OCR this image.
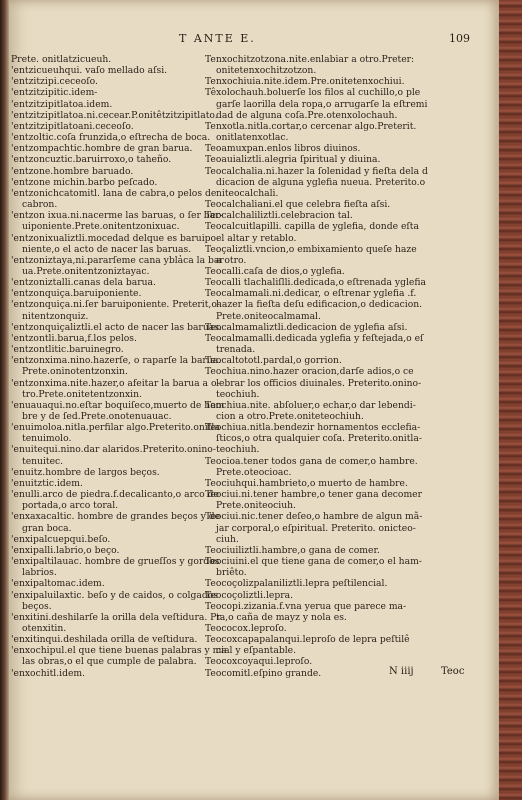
T ANTE E.	109
Prete. onitlatzicueuh.
'entzicueuhqui. vaſo mellado aſsi.
'entzitzipi.ceceoſo.
'entzitzipitic.idem-
'entzitzipitlatoa.idem.
'entzitzipitlatoa.ni.cecear.P.onitêtzitzipitlato.
'entzitzipitlatoani.ceceoſo.
'entzoltic.coſa frunzida,o eſtrecha de boca.
'entzompachtic.hombre de gran barua.
'entzoncuztic.baruirroxo,o taheño.
'entzone.hombre baruado.
'entzone michin.barbo peſcado.
'entzonichcatomitl. lana de cabra,o pelos de
cabron.
'entzon ixua.ni.nacerme las baruas, o ſer bar-
uiponiente.Prete.onitentzonixuac.
'entzonixualiztli.mocedad delque es baruipo-
niente,o el acto de nacer las baruas.
'entzoniztaya,ni.pararſeme cana ybla̓ca la bar
ua.Prete.onitentzoniztayac.
'entzoniztalli.canas dela barua.
'entzonquiça.baruiponiente.
'entzonquiça.ni.ſer baruiponiente. Preterit,o-
nitentzonquiz.
'entzonquiçaliztli.el acto de nacer las baruas.
'entzontli.barua,f.los pelos.
'entzontlitic.baruinegro.
'entzonxima.nino.hazerſe, o raparſe la barua.
Prete.oninotentzonxin.
'entzonxima.nite.hazer,o afeitar la barua a o-
tro.Prete.onitetentzonxin.
'enuauaqui.no.eſtar boquiſeco,muerto de ham
bre y de ſed.Prete.onotenuauac.
'enuimoloa.nitla.perfilar algo.Preterito.onitla
tenuimolo.
'enuitequi.nino.dar alaridos.Preterito.onino-
tenuitec.
'enuitz.hombre de largos beços.
'enuitztic.idem.
'enulli.arco de piedra.f.decalicanto,o arco de
portada,o arco toral.
'enxaxacaltic. hombre de grandes beços y de
gran boca.
'enxipalcuepqui.beſo.
'enxipalli.labrio,o beço.
'enxipaltilauac. hombre de grueſſos y gordos
labrios.
'enxipaltomac.idem.
'enxipaluilaxtic. beſo y de caidos, o colgados
beços.
'enxitini.deshilarſe la orilla dela veſtidura. Pr.
otenxitin.
'enxitinqui.deshilada orilla de veſtidura.
'enxochipul.el que tiene buenas palabras y ma
las obras,o el que cumple de palabra.
'enxochitl.idem.
Tenxochitzotzona.nite.enlabiar a otro.Preter:
onitetenxochitzotzon.
Tenxochiuia.nite.idem.Pre.onitetenxochiui.
Têxolochauh.boluerſe los filos al cuchillo,o ple
garſe laorilla dela ropa,o arrugarſe la eſtremi
dad de alguna coſa.Pre.otenxolochauh.
Tenxotla.nitla.cortar,o cercenar algo.Preterit.
onitlatenxotlac.
Teoamuxpan.enlos libros diuinos.
Teoauializtli.alegria ſpiritual y diuina.
Teocalchalia.ni.hazer la ſolenidad y fieſta dela d
dicacion de alguna yglefia nueua. Preterito.o
niteocalchali.
Teocalchaliani.el que celebra fieſta aſsi.
Teocalchaliliztli.celebracion tal.
Teocalcuitlapilli. capilla de yglefia, donde eſta
el altar y retablo.
Teoçaliztli.vncion,o embixamiento queſe haze
a otro.
Teocalli.caſa de dios,o yglefia.
Teocalli tlachaliſlli.dedicada,o eſtrenada yglefia
Teocalmamali.ni.dedicar, o eſtrenar yglefia .f.
hazer la fieſta deſu edificacion,o dedicacion.
Prete.oniteocalmamal.
Teocalmamaliztli.dedicacion de yglefia aſsi.
Teocalmamalli.dedicada yglefia y feſtejada,o eſ
trenada.
Teocaltototl.pardal,o gorrion.
Teochiua.nino.hazer oracion,darſe adios,o ce
lebrar los officios diuinales. Preterito.onino-
teochiuh.
Teochiua.nite. abſoluer,o echar,o dar lebendi-
cion a otro.Prete.oniteteochiuh.
Teochiua.nitla.bendezir hornamentos ecclefia-
ſticos,o otra qualquier coſa. Preterito.onitla-
teochiuh.
Teocioa.tener todos gana de comer,o hambre.
Prete.oteocioac.
Teociuhqui.hambrieto,o muerto de hambre.
Teociui.ni.tener hambre,o tener gana decomer
Prete.oniteociuh.
Teociui.nic.tener deſeo,o hambre de algun mã-
jar corporal,o eſpiritual. Preterito. onicteo-
ciuh.
Teociuiliztli.hambre,o gana de comer.
Teociuini.el que tiene gana de comer,o el ham-
briêto.
Teocoçolizpalaniliztli.lepra peſtilencial.
Teocoçoliztli.lepra.
Teocopi.zizania.f.vna yerua que parece ma-
ta,o caña de mayz y nola es.
Teococox.leproſo.
Teocoxcapapalanqui.leproſo de lepra peſtilê
cial y eſpantable.
Teocoxcoyaqui.leproſo.
Teocomitl.eſpino grande.	N iiij	Teoc
